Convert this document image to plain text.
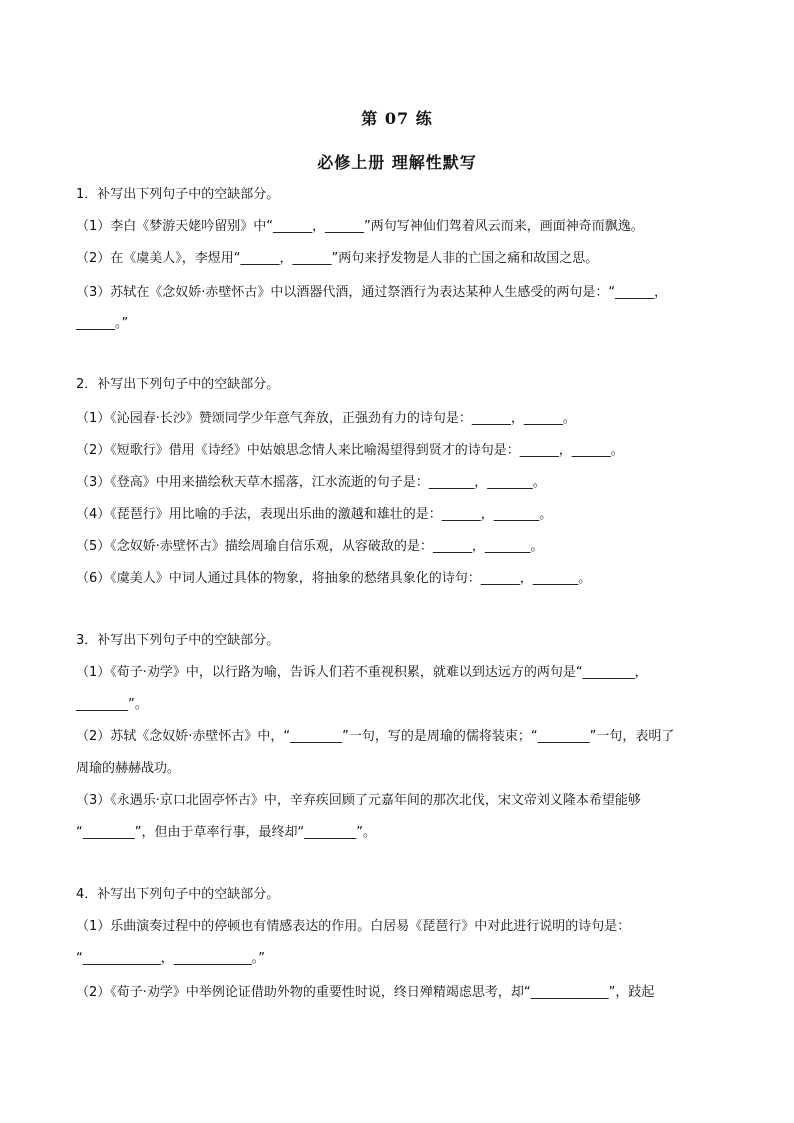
第 07 练
必修上册 理解性默写
1．补写出下列句子中的空缺部分。
（1）李白《梦游天姥吟留别》中“______，______”两句写神仙们驾着风云而来，画面神奇而飘逸。
（2）在《虞美人》，李煜用“______，______”两句来抒发物是人非的亡国之痛和故国之思。
（3）苏轼在《念奴娇·赤壁怀古》中以酒器代酒，通过祭酒行为表达某种人生感受的两句是：“______，
______。”
2．补写出下列句子中的空缺部分。
（1）《沁园春·长沙》赞颂同学少年意气奔放，正强劲有力的诗句是：______，______。
（2）《短歌行》借用《诗经》中姑娘思念情人来比喻渴望得到贤才的诗句是：______，______。
（3）《登高》中用来描绘秋天草木摇落，江水流逝的句子是：_______，_______。
（4）《琵琶行》用比喻的手法，表现出乐曲的激越和雄壮的是：______，_______。
（5）《念奴娇·赤壁怀古》描绘周瑜自信乐观，从容破敌的是：______，_______。
（6）《虞美人》中词人通过具体的物象，将抽象的愁绪具象化的诗句：______，_______。
3．补写出下列句子中的空缺部分。
（1）《荀子·劝学》中，以行路为喻，告诉人们若不重视积累，就难以到达远方的两句是“________，
________”。
（2）苏轼《念奴娇·赤壁怀古》中，“________”一句，写的是周瑜的儒将装束；“________”一句，表明了
周瑜的赫赫战功。
（3）《永遇乐·京口北固亭怀古》中，辛弃疾回顾了元嘉年间的那次北伐，宋文帝刘义隆本希望能够
“________”，但由于草率行事，最终却“________”。
4．补写出下列句子中的空缺部分。
（1）乐曲演奏过程中的停顿也有情感表达的作用。白居易《琵琶行》中对此进行说明的诗句是：
“____________，____________。”
（2）《荀子·劝学》中举例论证借助外物的重要性时说，终日殚精竭虑思考，却“____________”，跂起
